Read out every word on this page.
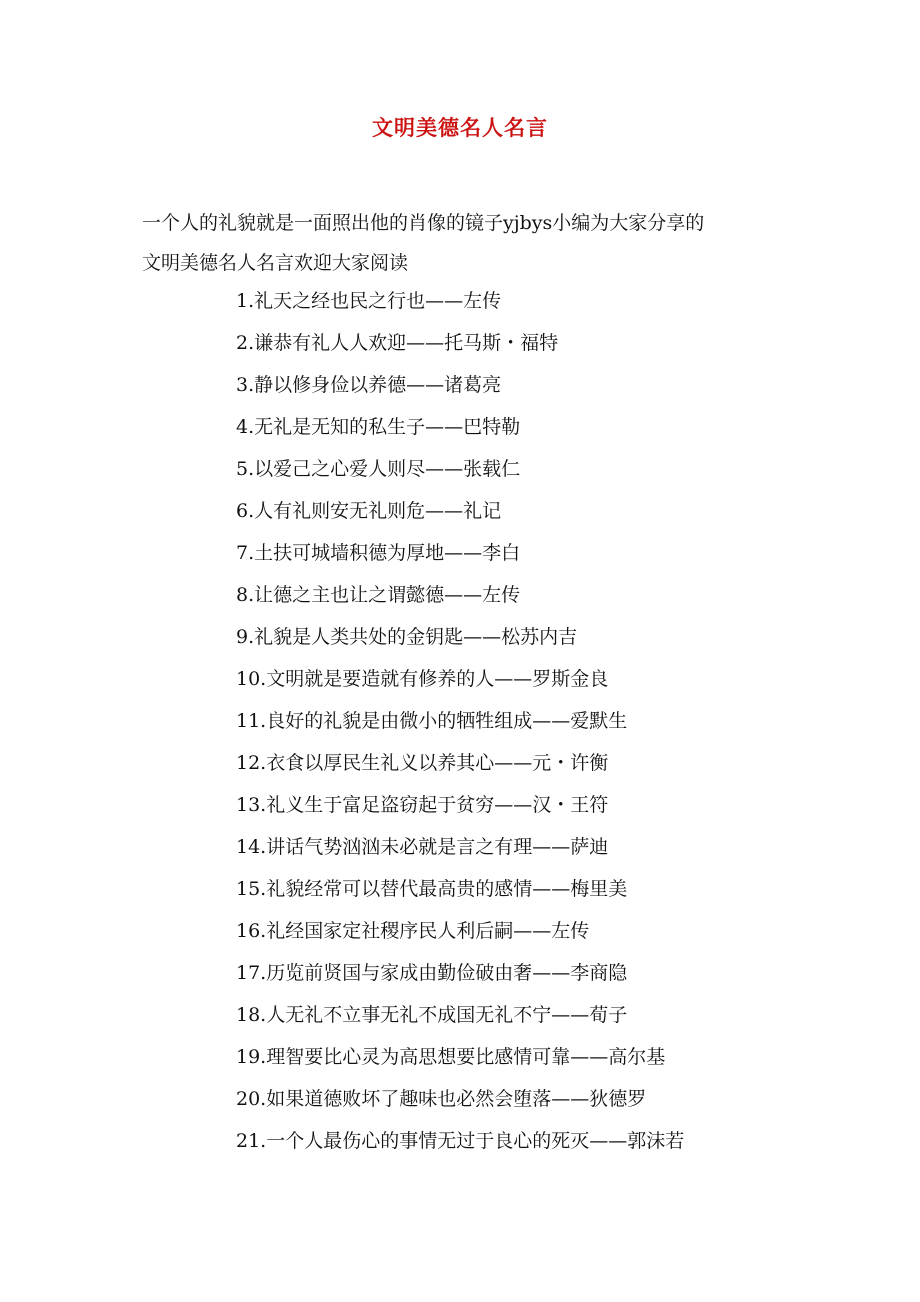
文明美德名人名言
一个人的礼貌就是一面照出他的肖像的镜子yjbys小编为大家分享的
文明美德名人名言欢迎大家阅读
1.礼天之经也民之行也——左传
2.谦恭有礼人人欢迎——托马斯・福特
3.静以修身俭以养德——诸葛亮
4.无礼是无知的私生子——巴特勒
5.以爱己之心爱人则尽——张载仁
6.人有礼则安无礼则危——礼记
7.土扶可城墙积德为厚地——李白
8.让德之主也让之谓懿德——左传
9.礼貌是人类共处的金钥匙——松苏内吉
10.文明就是要造就有修养的人——罗斯金良
11.良好的礼貌是由微小的牺牲组成——爱默生
12.衣食以厚民生礼义以养其心——元・许衡
13.礼义生于富足盗窃起于贫穷——汉・王符
14.讲话气势汹汹未必就是言之有理——萨迪
15.礼貌经常可以替代最高贵的感情——梅里美
16.礼经国家定社稷序民人利后嗣——左传
17.历览前贤国与家成由勤俭破由奢——李商隐
18.人无礼不立事无礼不成国无礼不宁——荀子
19.理智要比心灵为高思想要比感情可靠——高尔基
20.如果道德败坏了趣味也必然会堕落——狄德罗
21.一个人最伤心的事情无过于良心的死灭——郭沫若
